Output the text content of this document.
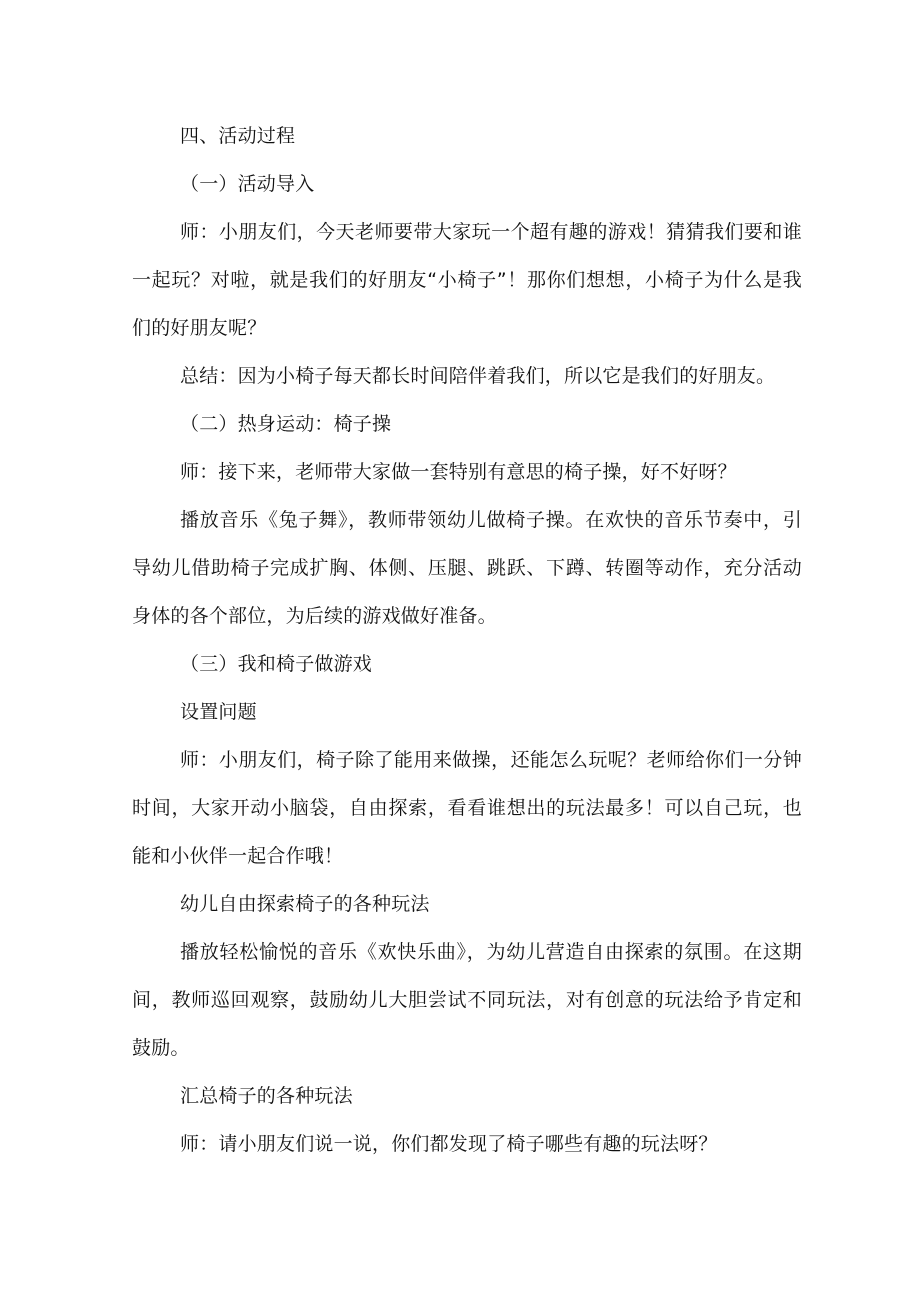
四、活动过程

（一）活动导入

师：小朋友们，今天老师要带大家玩一个超有趣的游戏！猜猜我们要和谁一起玩？对啦，就是我们的好朋友“小椅子”！那你们想想，小椅子为什么是我们的好朋友呢？

总结：因为小椅子每天都长时间陪伴着我们，所以它是我们的好朋友。

（二）热身运动：椅子操

师：接下来，老师带大家做一套特别有意思的椅子操，好不好呀？

播放音乐《兔子舞》，教师带领幼儿做椅子操。在欢快的音乐节奏中，引导幼儿借助椅子完成扩胸、体侧、压腿、跳跃、下蹲、转圈等动作，充分活动身体的各个部位，为后续的游戏做好准备。

（三）我和椅子做游戏

设置问题

师：小朋友们，椅子除了能用来做操，还能怎么玩呢？老师给你们一分钟时间，大家开动小脑袋，自由探索，看看谁想出的玩法最多！可以自己玩，也能和小伙伴一起合作哦！

幼儿自由探索椅子的各种玩法

播放轻松愉悦的音乐《欢快乐曲》，为幼儿营造自由探索的氛围。在这期间，教师巡回观察，鼓励幼儿大胆尝试不同玩法，对有创意的玩法给予肯定和鼓励。

汇总椅子的各种玩法

师：请小朋友们说一说，你们都发现了椅子哪些有趣的玩法呀？
